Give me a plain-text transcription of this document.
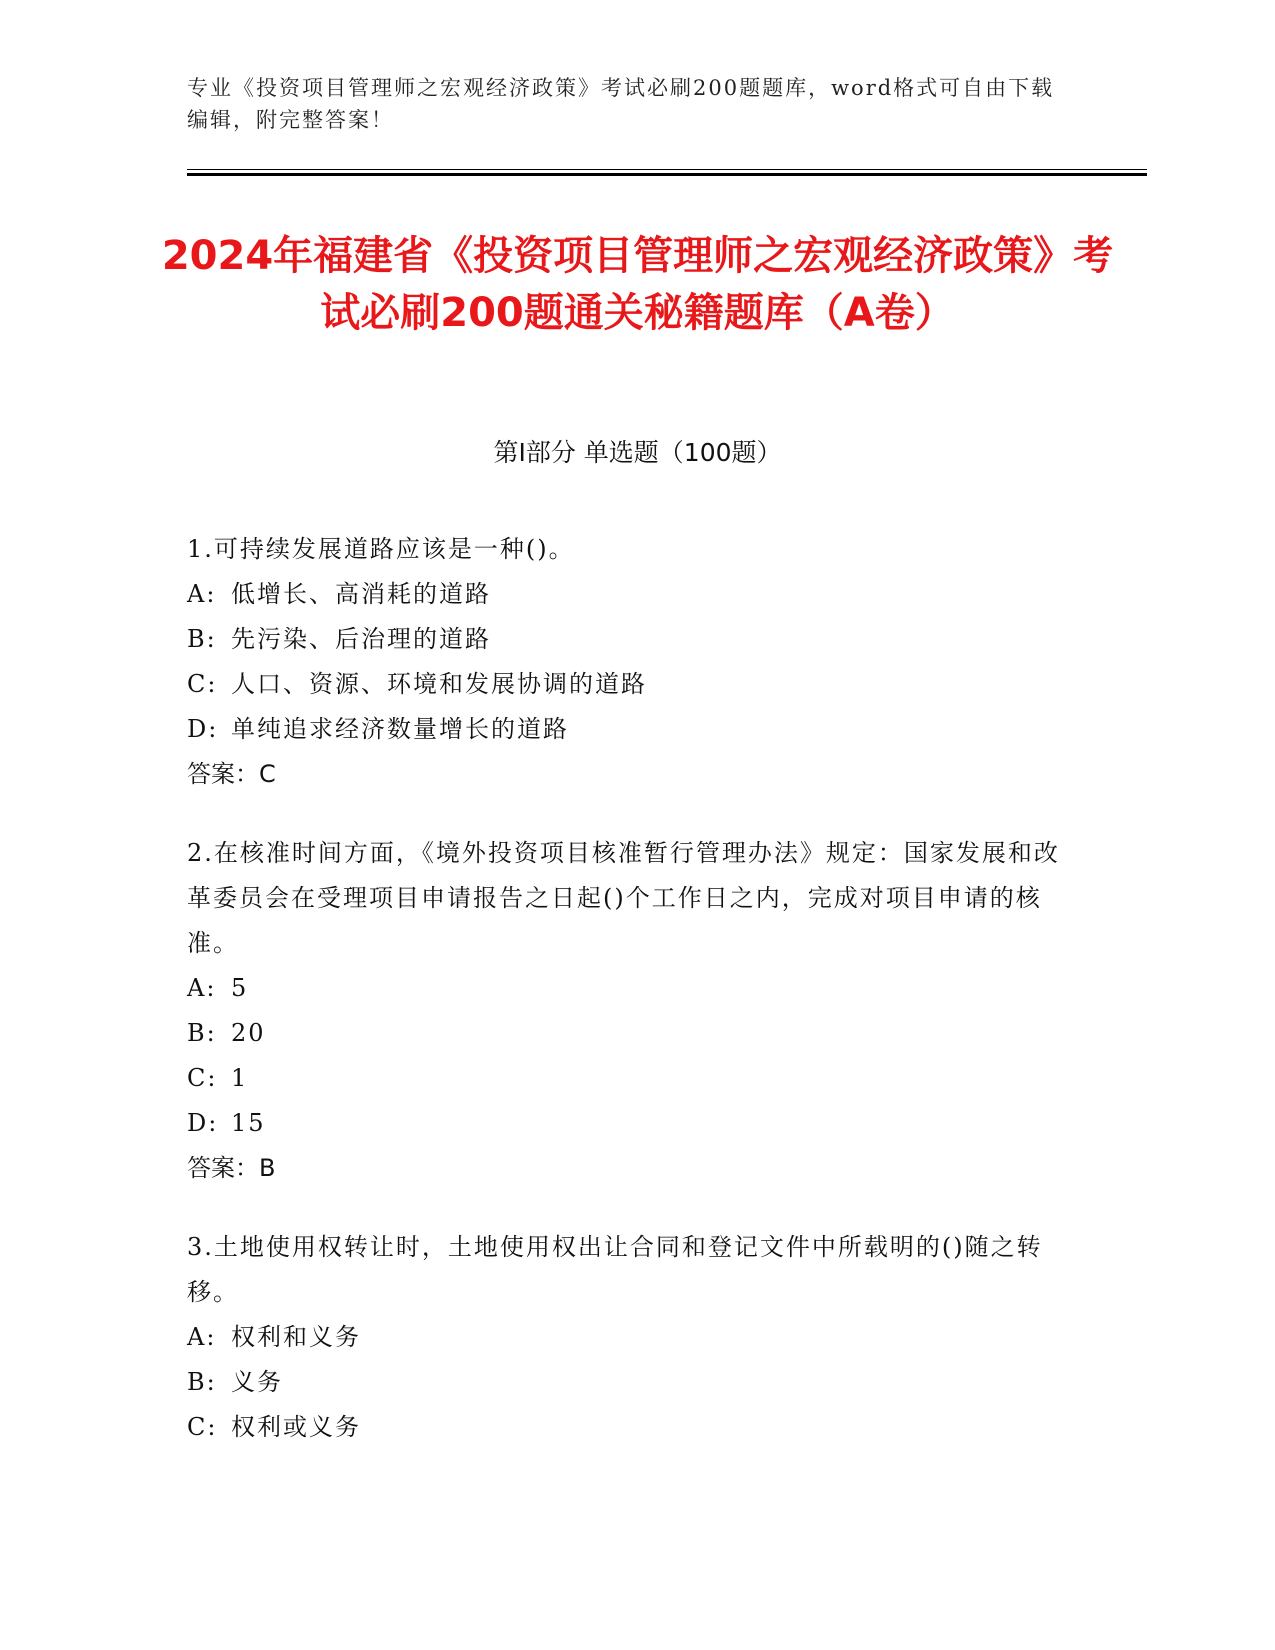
专业《投资项目管理师之宏观经济政策》考试必刷200题题库，word格式可自由下载编辑，附完整答案！
2024年福建省《投资项目管理师之宏观经济政策》考试必刷200题通关秘籍题库（A卷）
第I部分 单选题（100题）

1.可持续发展道路应该是一种()。

A: 低增长、高消耗的道路

B: 先污染、后治理的道路

C: 人口、资源、环境和发展协调的道路

D: 单纯追求经济数量增长的道路

答案：C

2.在核准时间方面，《境外投资项目核准暂行管理办法》规定：国家发展和改革委员会在受理项目申请报告之日起()个工作日之内，完成对项目申请的核准。

A: 5

B: 20

C: 1

D: 15

答案：B

3.土地使用权转让时，土地使用权出让合同和登记文件中所载明的()随之转移。

A: 权利和义务

B: 义务

C: 权利或义务
